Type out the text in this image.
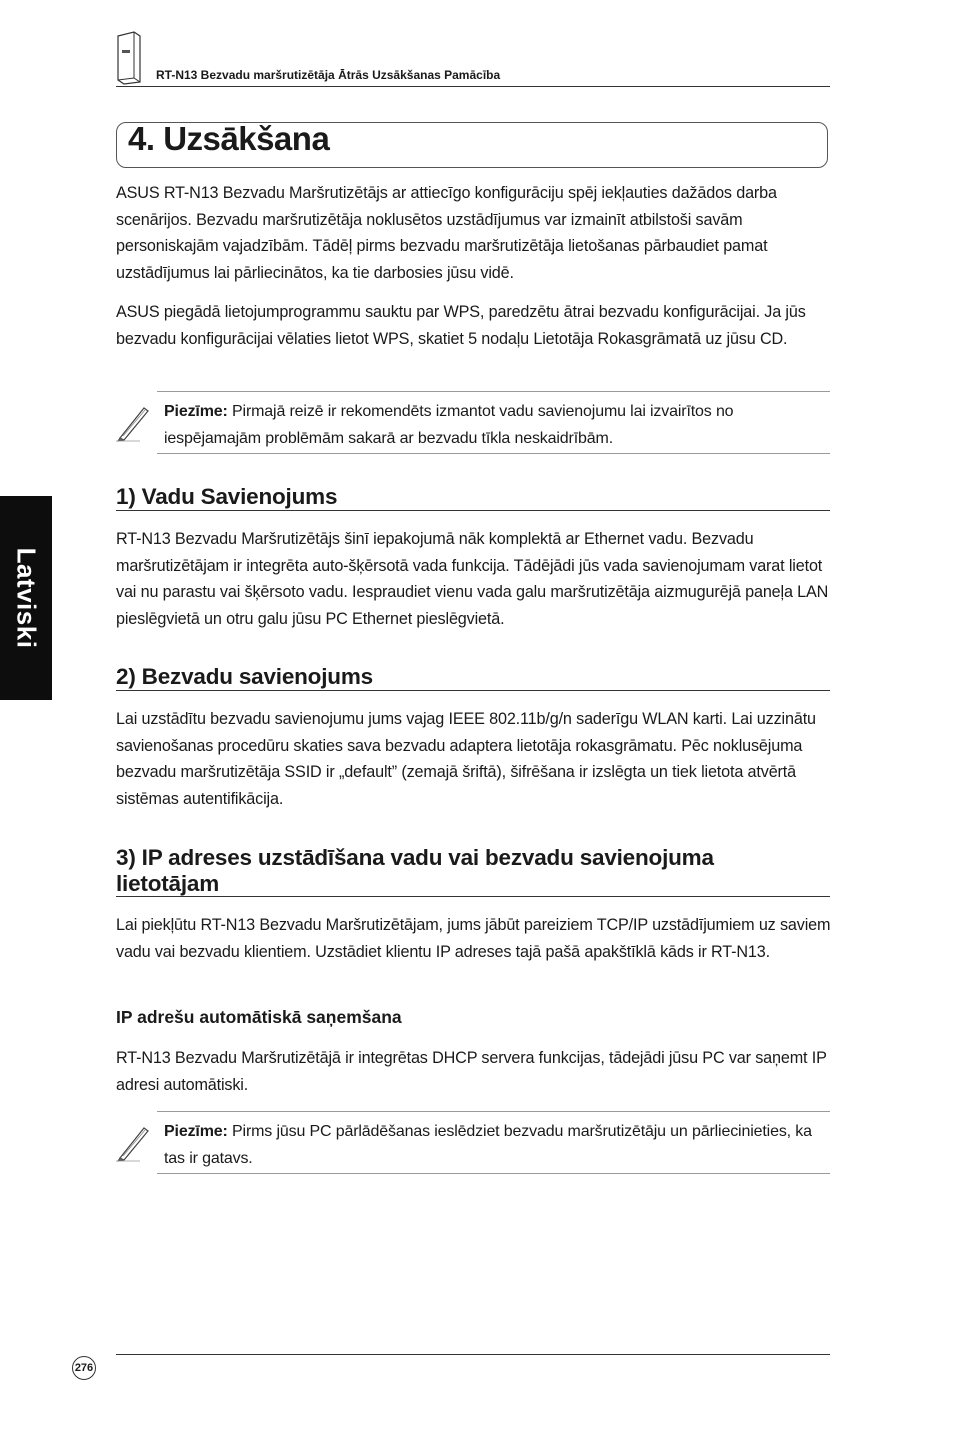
RT-N13 Bezvadu maršrutizētāja Ātrās Uzsākšanas Pamācība
Latviski
4. Uzsākšana
ASUS RT-N13 Bezvadu Maršrutizētājs ar attiecīgo konfigurāciju spēj iekļauties dažādos darba scenārijos. Bezvadu maršrutizētāja noklusētos uzstādījumus var izmainīt atbilstoši savām personiskajām vajadzībām. Tādēļ pirms bezvadu maršrutizētāja lietošanas pārbaudiet pamat uzstādījumus lai pārliecinātos, ka tie darbosies jūsu vidē.
ASUS piegādā lietojumprogrammu sauktu par WPS, paredzētu ātrai bezvadu konfigurācijai. Ja jūs bezvadu konfigurācijai vēlaties lietot WPS, skatiet 5 nodaļu Lietotāja Rokasgrāmatā uz jūsu CD.
Piezīme: Pirmajā reizē ir rekomendēts izmantot vadu savienojumu lai izvairītos no iespējamajām problēmām sakarā ar bezvadu tīkla neskaidrībām.
1) Vadu Savienojums
RT-N13 Bezvadu Maršrutizētājs šinī iepakojumā nāk komplektā ar Ethernet vadu. Bezvadu maršrutizētājam ir integrēta auto-šķērsotā vada funkcija. Tādējādi jūs vada savienojumam varat lietot vai nu parastu vai šķērsoto vadu. Iespraudiet vienu vada galu maršrutizētāja aizmugurējā paneļa LAN pieslēgvietā un otru galu jūsu PC Ethernet pieslēgvietā.
2) Bezvadu savienojums
Lai uzstādītu bezvadu savienojumu jums vajag IEEE 802.11b/g/n saderīgu WLAN karti. Lai uzzinātu savienošanas procedūru skaties sava bezvadu adaptera lietotāja rokasgrāmatu. Pēc noklusējuma bezvadu maršrutizētāja SSID ir „default” (zemajā šriftā), šifrēšana ir izslēgta un tiek lietota atvērtā sistēmas autentifikācija.
3) IP adreses uzstādīšana vadu vai bezvadu savienojuma lietotājam
Lai piekļūtu RT-N13 Bezvadu Maršrutizētājam, jums jābūt pareiziem TCP/IP uzstādījumiem uz saviem vadu vai bezvadu klientiem. Uzstādiet klientu IP adreses tajā pašā apakštīklā kāds ir RT-N13.
IP adrešu automātiskā saņemšana
RT-N13 Bezvadu Maršrutizētājā ir integrētas DHCP servera funkcijas, tādejādi jūsu PC var saņemt IP adresi automātiski.
Piezīme: Pirms jūsu PC pārlādēšanas ieslēdziet bezvadu maršrutizētāju un pārliecinieties, ka tas ir gatavs.
276
